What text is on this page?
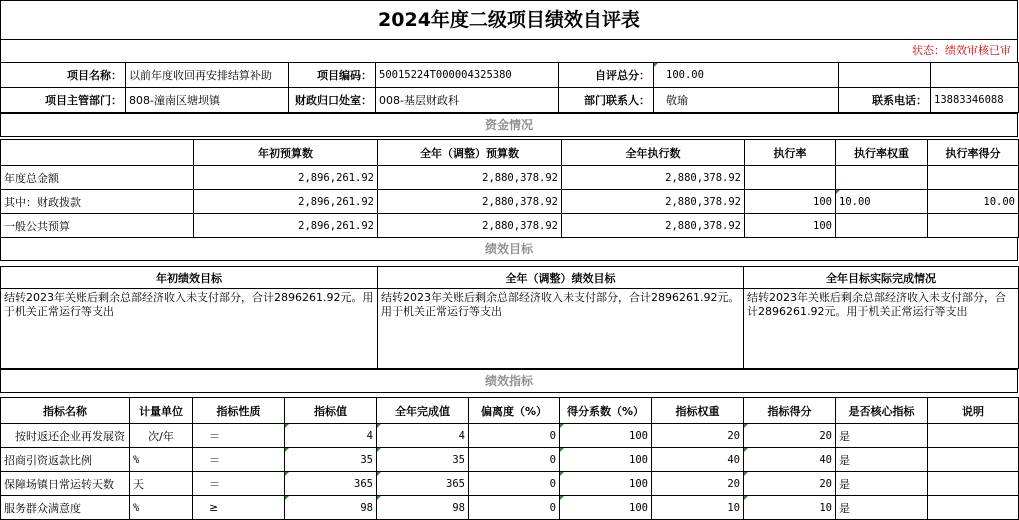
2024年度二级项目绩效自评表
状态：绩效审核已审
项目名称：	以前年度收回再安排结算补助	项目编码：	50015224T000004325380	自评总分：	100.00		
项目主管部门：	808-潼南区塘坝镇	财政归口处室：	008-基层财政科	部门联系人：	敬瑜	联系电话：	13883346088
资金情况
	年初预算数	全年（调整）预算数	全年执行数	执行率	执行率权重	执行率得分
年度总金额	2,896,261.92	2,880,378.92	2,880,378.92			
其中：财政拨款	2,896,261.92	2,880,378.92	2,880,378.92	100	10.00	10.00
一般公共预算	2,896,261.92	2,880,378.92	2,880,378.92	100		
绩效目标
年初绩效目标	全年（调整）绩效目标	全年目标实际完成情况
结转2023年关账后剩余总部经济收入未支付部分，合计2896261.92元。用于机关正常运行等支出	结转2023年关账后剩余总部经济收入未支付部分，合计2896261.92元。用于机关正常运行等支出	结转2023年关账后剩余总部经济收入未支付部分，合计2896261.92元。用于机关正常运行等支出
绩效指标
指标名称	计量单位	指标性质	指标值	全年完成值	偏离度（%）	得分系数（%）	指标权重	指标得分	是否核心指标	说明
按时返还企业再发展资	次/年	＝	4	4	0	100	20	20	是	
招商引资返款比例	%	＝	35	35	0	100	40	40	是	
保障场镇日常运转天数	天	＝	365	365	0	100	20	20	是	
服务群众满意度	%	≥	98	98	0	100	10	10	是	
